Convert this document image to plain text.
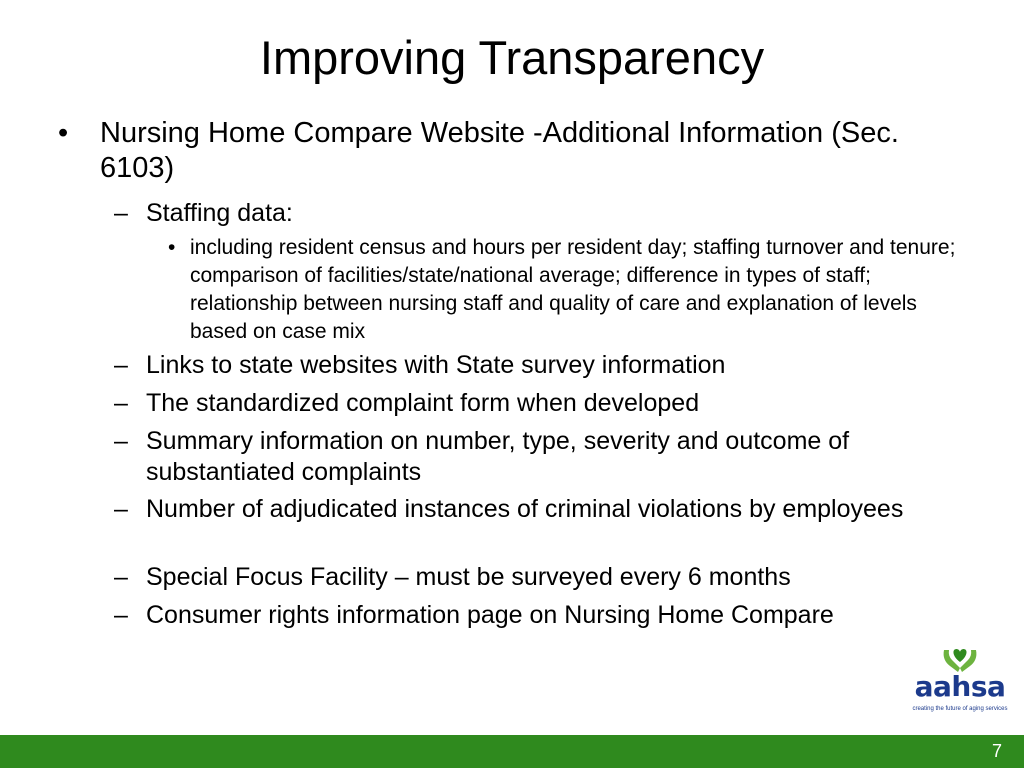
Improving Transparency
• Nursing Home Compare Website -Additional Information (Sec. 6103)
– Staffing data:
• including resident census and hours per resident day; staffing turnover and tenure; comparison of facilities/state/national average; difference in types of staff; relationship between nursing staff and quality of care and explanation of levels based on case mix
– Links to state websites with State survey information
– The standardized complaint form when developed
– Summary information on number, type, severity and outcome of substantiated complaints
– Number of adjudicated instances of criminal violations by employees
– Special Focus Facility – must be surveyed every 6 months
– Consumer rights information page on Nursing Home Compare
aahsa
creating the future of aging services
7
